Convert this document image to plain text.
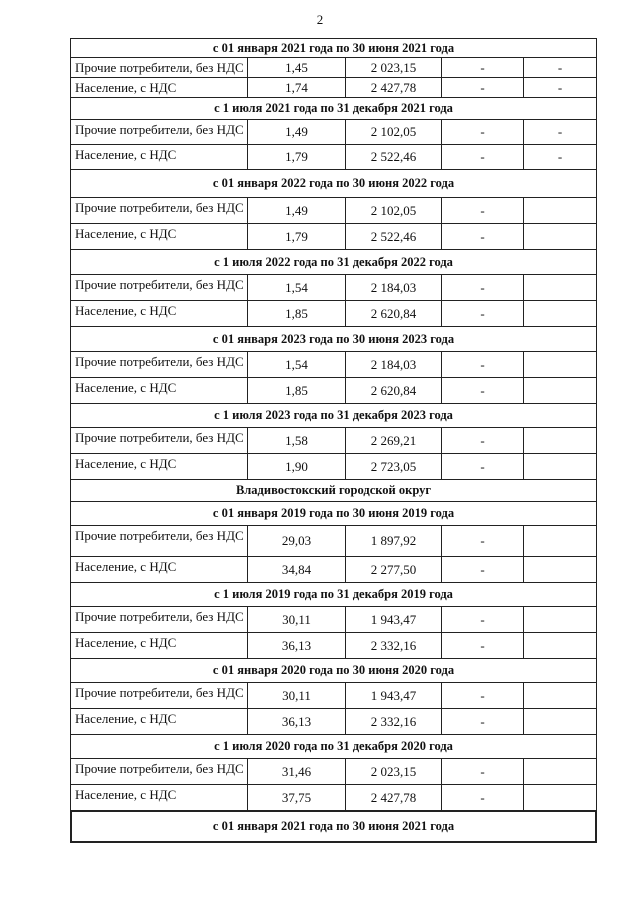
2
с 01 января 2021 года по 30 июня 2021 года
Прочие потребители, без НДС	1,45	2 023,15	-	-
Население, с НДС	1,74	2 427,78	-	-
с 1 июля 2021 года по 31 декабря 2021 года
Прочие потребители, без НДС	1,49	2 102,05	-	-
Население, с НДС	1,79	2 522,46	-	-
с 01 января 2022 года по 30 июня 2022 года
Прочие потребители, без НДС	1,49	2 102,05	-
Население, с НДС	1,79	2 522,46	-
с 1 июля 2022 года по 31 декабря 2022 года
Прочие потребители, без НДС	1,54	2 184,03	-
Население, с НДС	1,85	2 620,84	-
с 01 января 2023 года по 30 июня 2023 года
Прочие потребители, без НДС	1,54	2 184,03	-
Население, с НДС	1,85	2 620,84	-
с 1 июля 2023 года по 31 декабря 2023 года
Прочие потребители, без НДС	1,58	2 269,21	-
Население, с НДС	1,90	2 723,05	-
Владивостокский городской округ
с 01 января 2019 года по 30 июня 2019 года
Прочие потребители, без НДС	29,03	1 897,92	-
Население, с НДС	34,84	2 277,50	-
с 1 июля 2019 года по 31 декабря 2019 года
Прочие потребители, без НДС	30,11	1 943,47	-
Население, с НДС	36,13	2 332,16	-
с 01 января 2020 года по 30 июня 2020 года
Прочие потребители, без НДС	30,11	1 943,47	-
Население, с НДС	36,13	2 332,16	-
с 1 июля 2020 года по 31 декабря 2020 года
Прочие потребители, без НДС	31,46	2 023,15	-
Население, с НДС	37,75	2 427,78	-
с 01 января 2021 года по 30 июня 2021 года
